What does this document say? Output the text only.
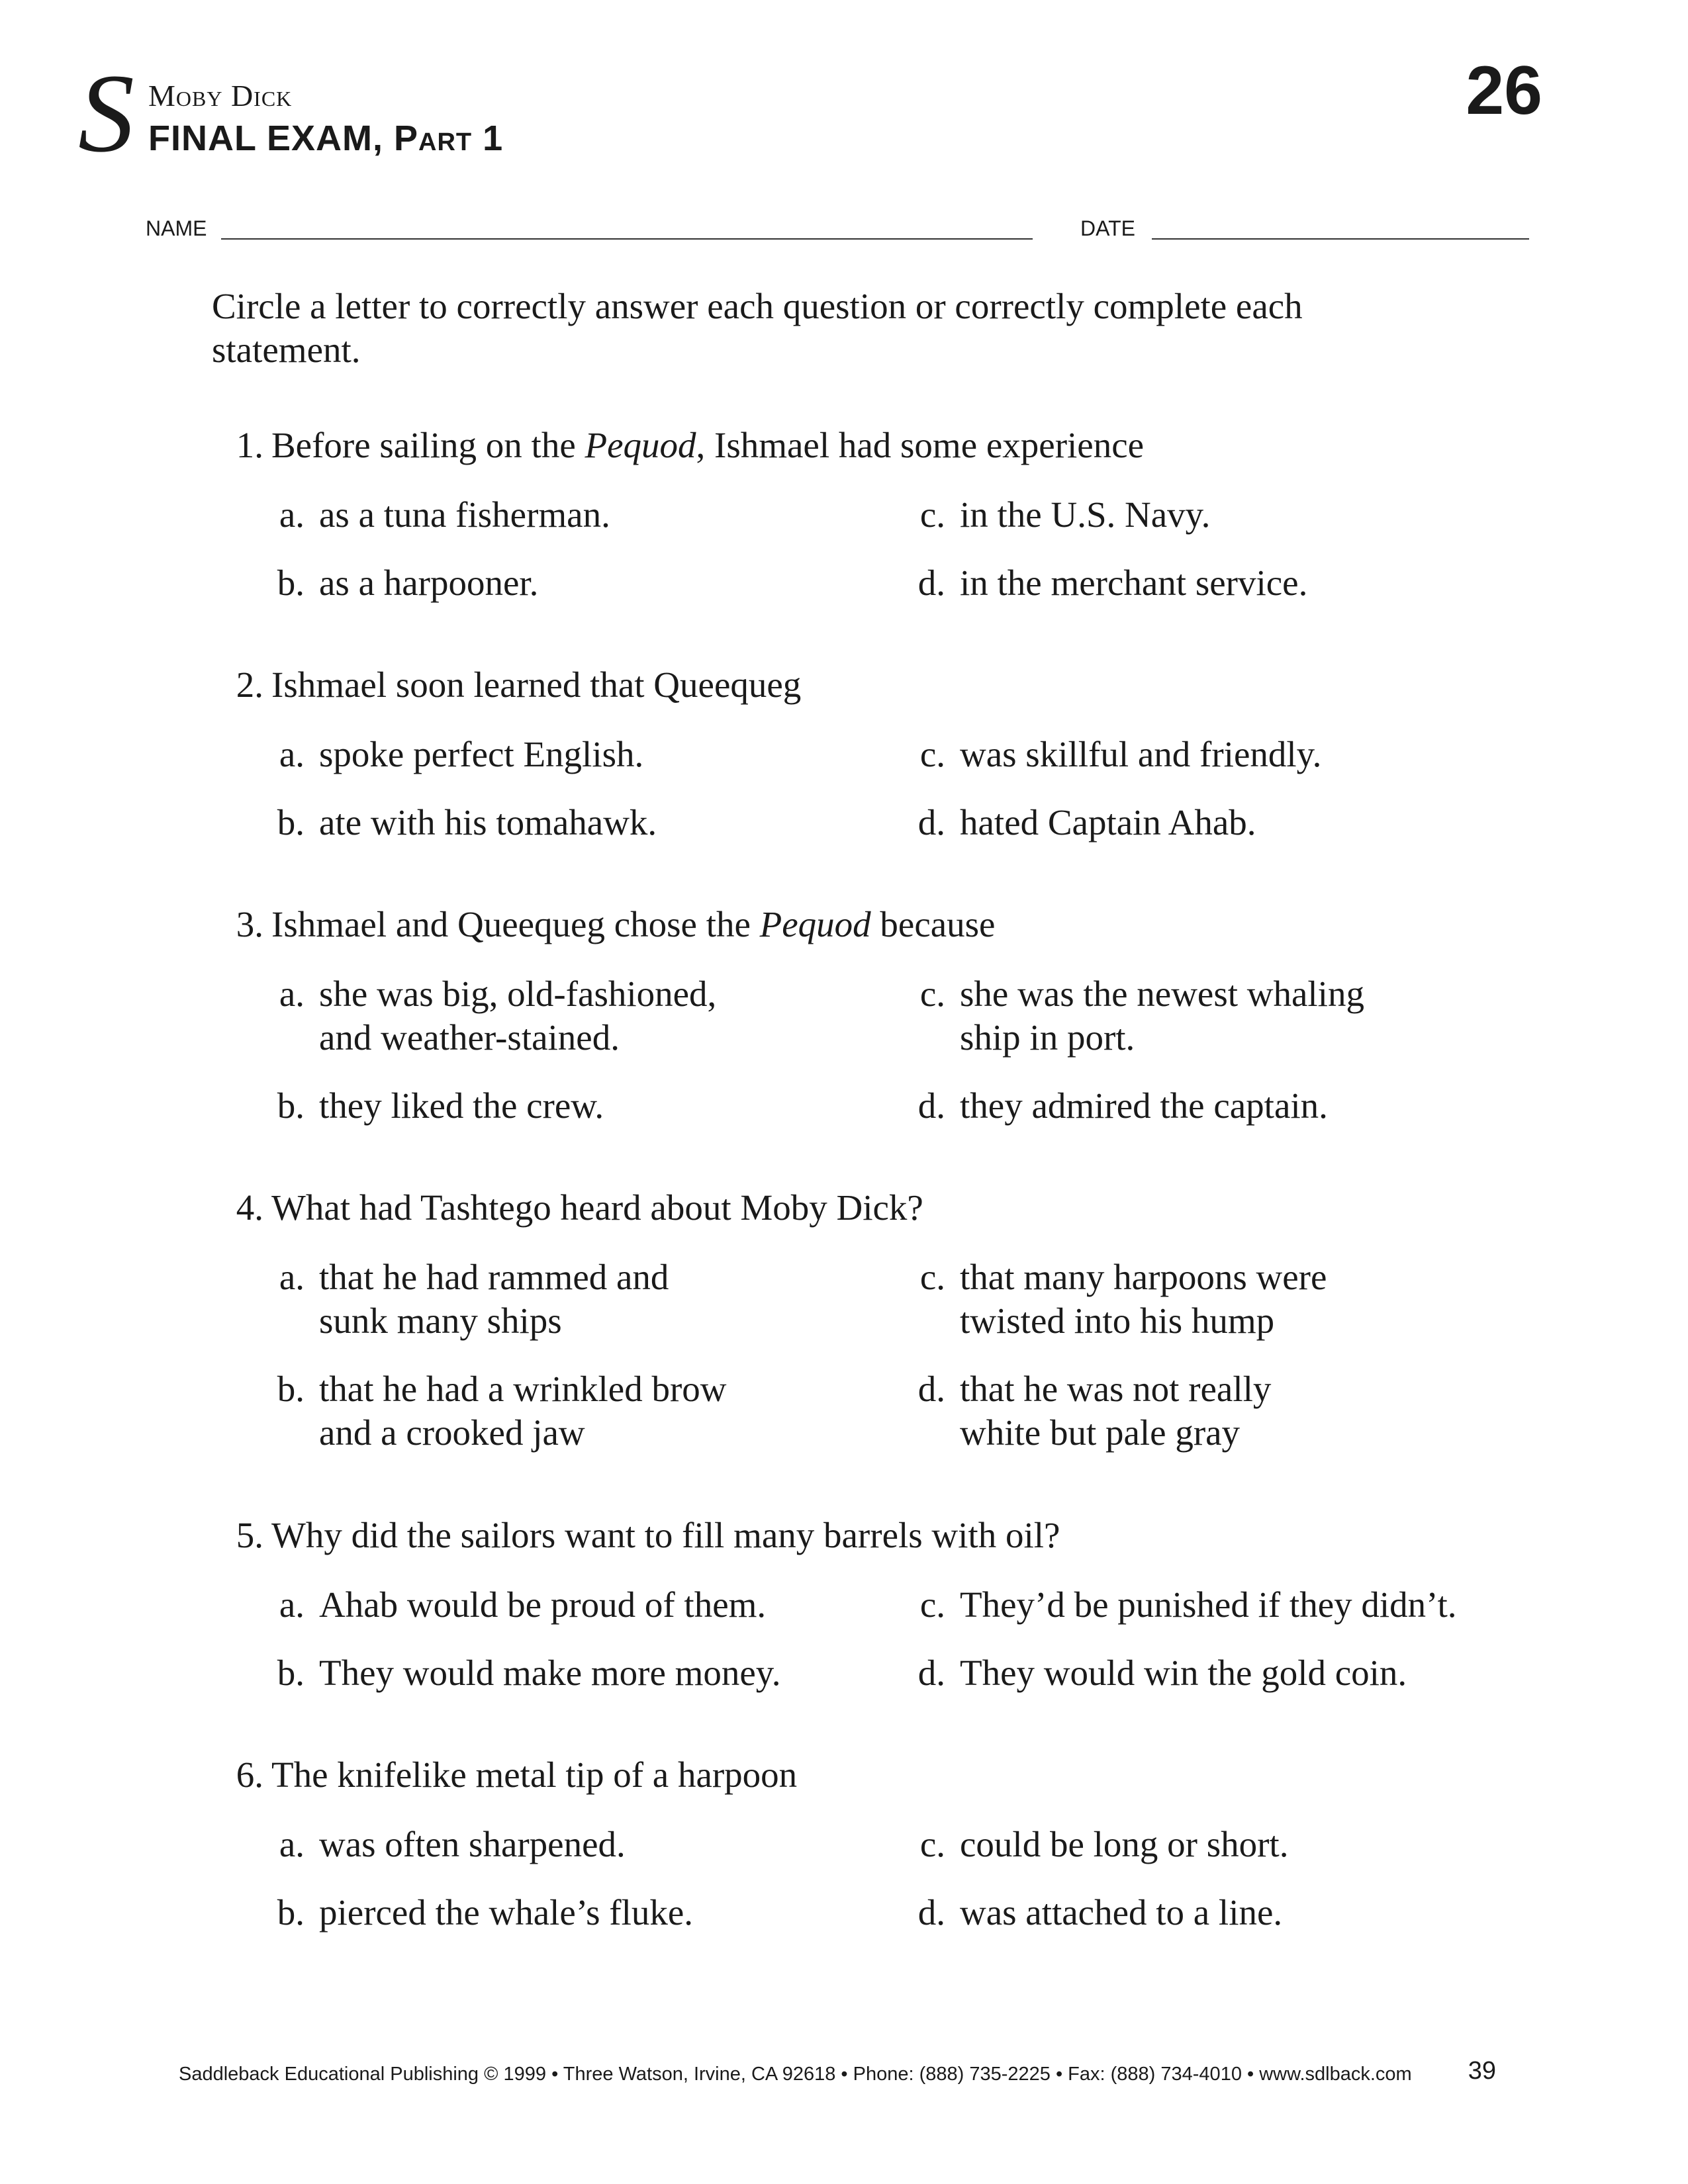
S Moby Dick
FINAL EXAM, Part 1
26
NAME	DATE
Circle a letter to correctly answer each question or correctly complete each statement.
1. Before sailing on the Pequod, Ishmael had some experience
a. as a tuna fisherman.
b. as a harpooner.
c. in the U.S. Navy.
d. in the merchant service.
2. Ishmael soon learned that Queequeg
a. spoke perfect English.
b. ate with his tomahawk.
c. was skillful and friendly.
d. hated Captain Ahab.
3. Ishmael and Queequeg chose the Pequod because
a. she was big, old-fashioned,
and weather-stained.
b. they liked the crew.
c. she was the newest whaling
ship in port.
d. they admired the captain.
4. What had Tashtego heard about Moby Dick?
a. that he had rammed and
sunk many ships
b. that he had a wrinkled brow
and a crooked jaw
c. that many harpoons were
twisted into his hump
d. that he was not really
white but pale gray
5. Why did the sailors want to fill many barrels with oil?
a. Ahab would be proud of them.
b. They would make more money.
c. They’d be punished if they didn’t.
d. They would win the gold coin.
6. The knifelike metal tip of a harpoon
a. was often sharpened.
b. pierced the whale’s fluke.
c. could be long or short.
d. was attached to a line.
Saddleback Educational Publishing © 1999 • Three Watson, Irvine, CA 92618 • Phone: (888) 735-2225 • Fax: (888) 734-4010 • www.sdlback.com	39
